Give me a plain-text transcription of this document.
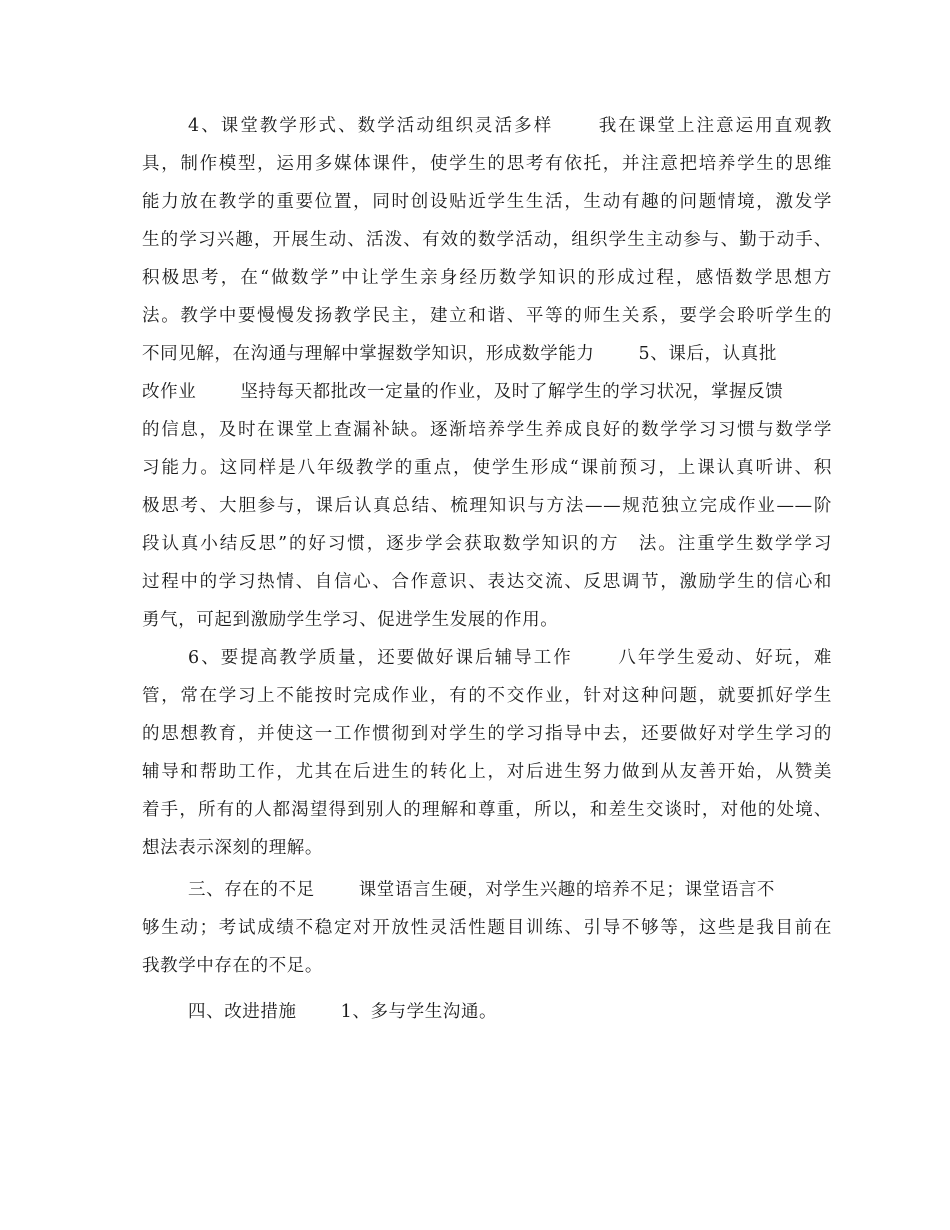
4、课堂教学形式、数学活动组织灵活多样	我在课堂上注意运用直观教
具，制作模型，运用多媒体课件，使学生的思考有依托，并注意把培养学生的思维
能力放在教学的重要位置，同时创设贴近学生生活，生动有趣的问题情境，激发学
生的学习兴趣，开展生动、活泼、有效的数学活动，组织学生主动参与、勤于动手、
积极思考，在“做数学”中让学生亲身经历数学知识的形成过程，感悟数学思想方
法。教学中要慢慢发扬教学民主，建立和谐、平等的师生关系，要学会聆听学生的
不同见解，在沟通与理解中掌握数学知识，形成数学能力	5、课后，认真批
改作业	坚持每天都批改一定量的作业，及时了解学生的学习状况，掌握反馈
的信息，及时在课堂上查漏补缺。逐渐培养学生养成良好的数学学习习惯与数学学
习能力。这同样是八年级教学的重点，使学生形成“课前预习，上课认真听讲、积
极思考、大胆参与，课后认真总结、梳理知识与方法——规范独立完成作业——阶
段认真小结反思”的好习惯，逐步学会获取数学知识的方　法。注重学生数学学习
过程中的学习热情、自信心、合作意识、表达交流、反思调节，激励学生的信心和
勇气，可起到激励学生学习、促进学生发展的作用。
6、要提高教学质量，还要做好课后辅导工作	八年学生爱动、好玩，难
管，常在学习上不能按时完成作业，有的不交作业，针对这种问题，就要抓好学生
的思想教育，并使这一工作惯彻到对学生的学习指导中去，还要做好对学生学习的
辅导和帮助工作，尤其在后进生的转化上，对后进生努力做到从友善开始，从赞美
着手，所有的人都渴望得到别人的理解和尊重，所以，和差生交谈时，对他的处境、
想法表示深刻的理解。
三、存在的不足	课堂语言生硬，对学生兴趣的培养不足；课堂语言不
够生动；考试成绩不稳定对开放性灵活性题目训练、引导不够等，这些是我目前在
我教学中存在的不足。
四、改进措施	1、多与学生沟通。
